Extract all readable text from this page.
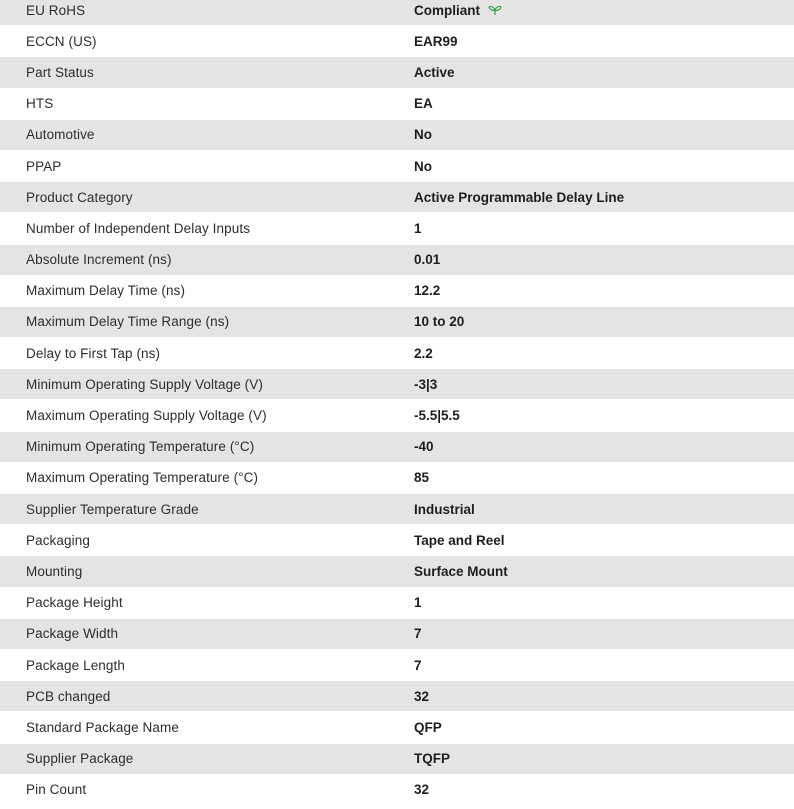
EU RoHS	Compliant
ECCN (US)	EAR99
Part Status	Active
HTS	EA
Automotive	No
PPAP	No
Product Category	Active Programmable Delay Line
Number of Independent Delay Inputs	1
Absolute Increment (ns)	0.01
Maximum Delay Time (ns)	12.2
Maximum Delay Time Range (ns)	10 to 20
Delay to First Tap (ns)	2.2
Minimum Operating Supply Voltage (V)	-3|3
Maximum Operating Supply Voltage (V)	-5.5|5.5
Minimum Operating Temperature (°C)	-40
Maximum Operating Temperature (°C)	85
Supplier Temperature Grade	Industrial
Packaging	Tape and Reel
Mounting	Surface Mount
Package Height	1
Package Width	7
Package Length	7
PCB changed	32
Standard Package Name	QFP
Supplier Package	TQFP
Pin Count	32
